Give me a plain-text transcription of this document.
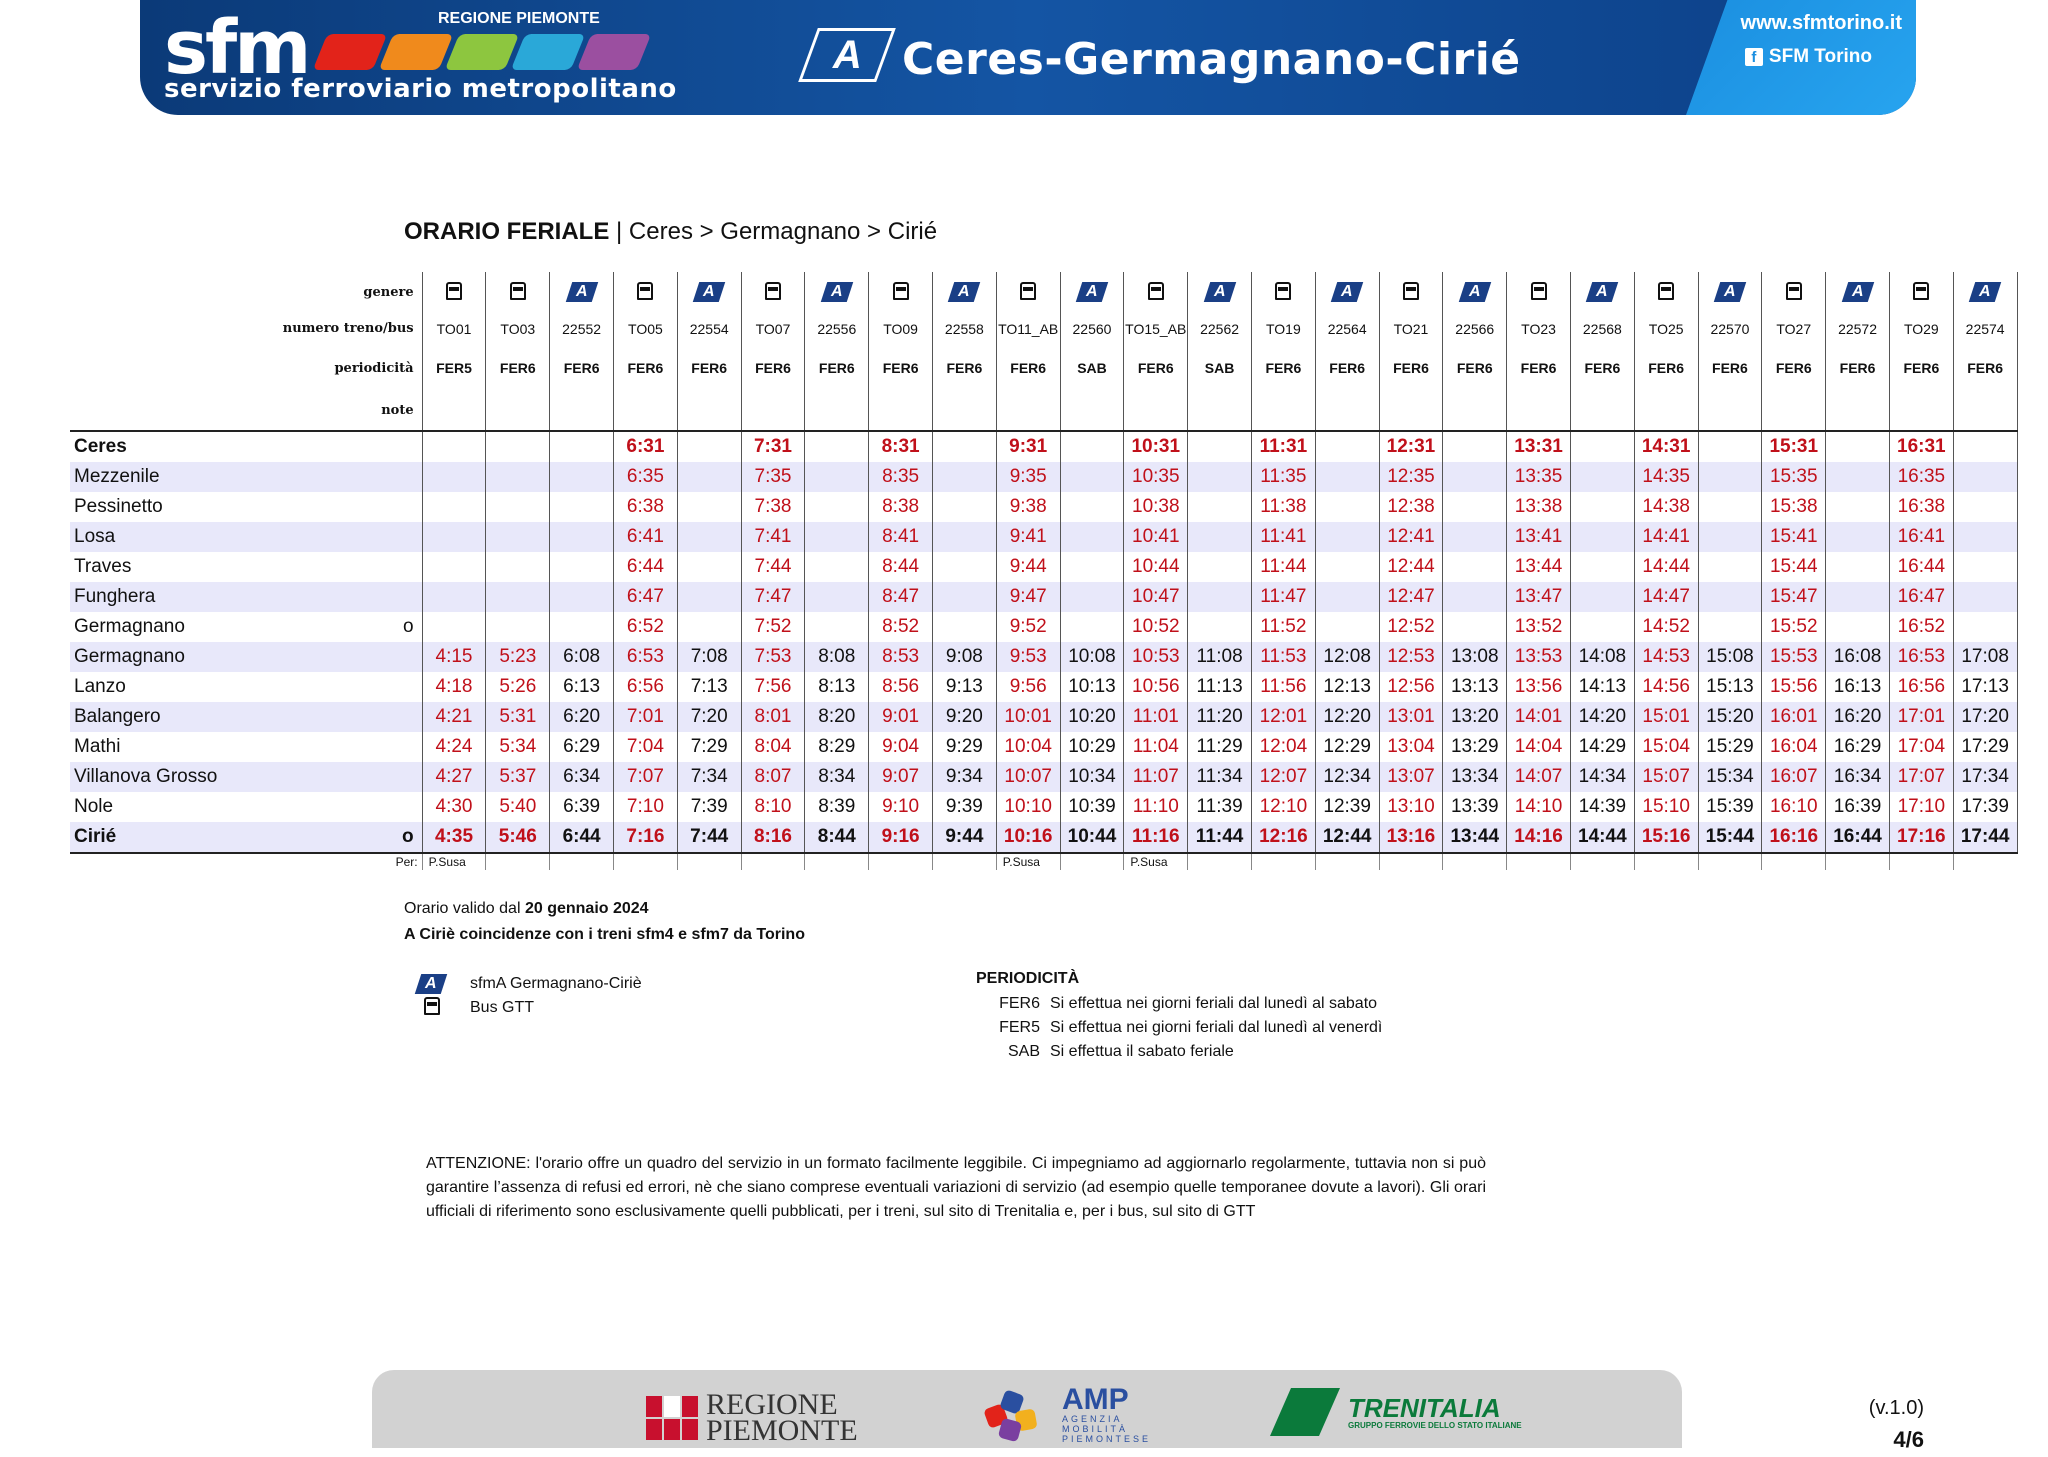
sfm	REGIONE PIEMONTE
servizio ferroviario metropolitano
A Ceres-Germagnano-Cirié
www.sfmtorino.it
f SFM Torino
ORARIO FERIALE | Ceres > Germagnano > Cirié
genere				A		A		A		A		A		A		A		A		A		A		A		A
numero treno/bus		TO01	TO03	22552	TO05	22554	TO07	22556	TO09	22558	TO11_AB	22560	TO15_AB	22562	TO19	22564	TO21	22566	TO23	22568	TO25	22570	TO27	22572	TO29	22574
periodicità		FER5	FER6	FER6	FER6	FER6	FER6	FER6	FER6	FER6	FER6	SAB	FER6	SAB	FER6	FER6	FER6	FER6	FER6	FER6	FER6	FER6	FER6	FER6	FER6	FER6
note																										
Ceres					6:31		7:31		8:31		9:31		10:31		11:31		12:31		13:31		14:31		15:31		16:31	
Mezzenile					6:35		7:35		8:35		9:35		10:35		11:35		12:35		13:35		14:35		15:35		16:35	
Pessinetto					6:38		7:38		8:38		9:38		10:38		11:38		12:38		13:38		14:38		15:38		16:38	
Losa					6:41		7:41		8:41		9:41		10:41		11:41		12:41		13:41		14:41		15:41		16:41	
Traves					6:44		7:44		8:44		9:44		10:44		11:44		12:44		13:44		14:44		15:44		16:44	
Funghera					6:47		7:47		8:47		9:47		10:47		11:47		12:47		13:47		14:47		15:47		16:47	
Germagnano	o				6:52		7:52		8:52		9:52		10:52		11:52		12:52		13:52		14:52		15:52		16:52	
Germagnano		4:15	5:23	6:08	6:53	7:08	7:53	8:08	8:53	9:08	9:53	10:08	10:53	11:08	11:53	12:08	12:53	13:08	13:53	14:08	14:53	15:08	15:53	16:08	16:53	17:08
Lanzo		4:18	5:26	6:13	6:56	7:13	7:56	8:13	8:56	9:13	9:56	10:13	10:56	11:13	11:56	12:13	12:56	13:13	13:56	14:13	14:56	15:13	15:56	16:13	16:56	17:13
Balangero		4:21	5:31	6:20	7:01	7:20	8:01	8:20	9:01	9:20	10:01	10:20	11:01	11:20	12:01	12:20	13:01	13:20	14:01	14:20	15:01	15:20	16:01	16:20	17:01	17:20
Mathi		4:24	5:34	6:29	7:04	7:29	8:04	8:29	9:04	9:29	10:04	10:29	11:04	11:29	12:04	12:29	13:04	13:29	14:04	14:29	15:04	15:29	16:04	16:29	17:04	17:29
Villanova Grosso		4:27	5:37	6:34	7:07	7:34	8:07	8:34	9:07	9:34	10:07	10:34	11:07	11:34	12:07	12:34	13:07	13:34	14:07	14:34	15:07	15:34	16:07	16:34	17:07	17:34
Nole		4:30	5:40	6:39	7:10	7:39	8:10	8:39	9:10	9:39	10:10	10:39	11:10	11:39	12:10	12:39	13:10	13:39	14:10	14:39	15:10	15:39	16:10	16:39	17:10	17:39
Cirié	o	4:35	5:46	6:44	7:16	7:44	8:16	8:44	9:16	9:44	10:16	10:44	11:16	11:44	12:16	12:44	13:16	13:44	14:16	14:44	15:16	15:44	16:16	16:44	17:16	17:44
Per:		P.Susa									P.Susa		P.Susa													
Orario valido dal 20 gennaio 2024
A Ciriè coincidenze con i treni sfm4 e sfm7 da Torino
A	sfmA Germagnano-Ciriè
Bus GTT
PERIODICITÀ
FER6 Si effettua nei giorni feriali dal lunedì al sabato
FER5 Si effettua nei giorni feriali dal lunedì al venerdì
SAB Si effettua il sabato feriale
ATTENZIONE: l'orario offre un quadro del servizio in un formato facilmente leggibile. Ci impegniamo ad aggiornarlo regolarmente, tuttavia non si può garantire l’assenza di refusi ed errori, nè che siano comprese eventuali variazioni di servizio (ad esempio quelle temporanee dovute a lavori). Gli orari ufficiali di riferimento sono esclusivamente quelli pubblicati, per i treni, sul sito di Trenitalia e, per i bus, sul sito di GTT
REGIONE
PIEMONTE
AMP
AGENZIA
MOBILITÀ
PIEMONTESE
TRENITALIA
GRUPPO FERROVIE DELLO STATO ITALIANE
(v.1.0)
4/6
